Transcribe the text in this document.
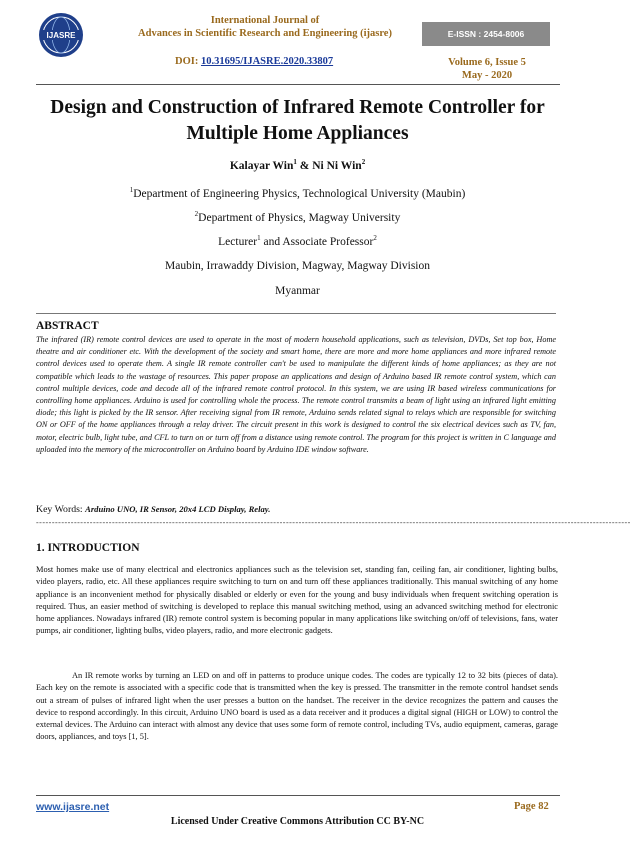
IJASRE
International Journal of
Advances in Scientific Research and Engineering (ijasre)
DOI: 10.31695/IJASRE.2020.33807
E-ISSN : 2454-8006
Volume 6, Issue 5
May - 2020
Design and Construction of Infrared Remote Controller for
Multiple Home Appliances
Kalayar Win$^1$ & Ni Ni Win$^2$
$^1$Department of Engineering Physics, Technological University (Maubin)
$^2$Department of Physics, Magway University
Lecturer$^1$ and Associate Professor$^2$
Maubin, Irrawaddy Division, Magway, Magway Division
Myanmar
ABSTRACT
The infrared (IR) remote control devices are used to operate in the most of modern household applications, such as television, DVDs, Set top box, Home theatre and air conditioner etc. With the development of the society and smart home, there are more and more home appliances and more infrared remote control devices used to operate them. A single IR remote controller can't be used to manipulate the different kinds of home appliances; as they are not compatible which leads to the wastage of resources. This paper propose an applications and design of Arduino based IR remote control system, which can control multiple devices, code and decode all of the infrared remote control protocol. In this system, we are using IR based wireless communications for controlling home appliances. Arduino is used for controlling whole the process. The remote control transmits a beam of light using an infrared light emitting diode; this light is picked by the IR sensor. After receiving signal from IR remote, Arduino sends related signal to relays which are responsible for switching ON or OFF of the home appliances through a relay driver. The circuit present in this work is designed to control the six electrical devices such as TV, fan, motor, electric bulb, light tube, and CFL to turn on or turn off from a distance using remote control. The program for this project is written in C language and uploaded into the memory of the microcontroller on Arduino board by Arduino IDE window software.
Key Words: Arduino UNO, IR Sensor, 20x4 LCD Display, Relay.
--------------------------------------------------------------------------------------------------------------------------------------------------------------------------------------------
1. INTRODUCTION
Most homes make use of many electrical and electronics appliances such as the television set, standing fan, ceiling fan, air conditioner, lighting bulbs, video players, radio, etc. All these appliances require switching to turn on and turn off these appliances traditionally. This manual switching of any home appliance is an inconvenient method for physically disabled or elderly or even for the young and busy individuals when frequent switching operation is required. Thus, an easier method of switching is developed to replace this manual switching method, using an advanced switching method for electronic home appliances. Nowadays infrared (IR) remote control system is becoming popular in many applications like switching on/off of televisions, fans, water pumps, air conditioner, lighting bulbs, video players, radio, and more electronic gadgets.
An IR remote works by turning an LED on and off in patterns to produce unique codes. The codes are typically 12 to 32 bits (pieces of data). Each key on the remote is associated with a specific code that is transmitted when the key is pressed. The transmitter in the remote control handset sends out a stream of pulses of infrared light when the user presses a button on the handset. The receiver in the device recognizes the pattern and causes the device to respond accordingly. In this circuit, Arduino UNO board is used as a data receiver and it produces a digital signal (HIGH or LOW) to control the external devices. The Arduino can interact with almost any device that uses some form of remote control, including TVs, audio equipment, cameras, garage doors, appliances, and toys [1, 5].
www.ijasre.net	Page 82
Licensed Under Creative Commons Attribution CC BY-NC
